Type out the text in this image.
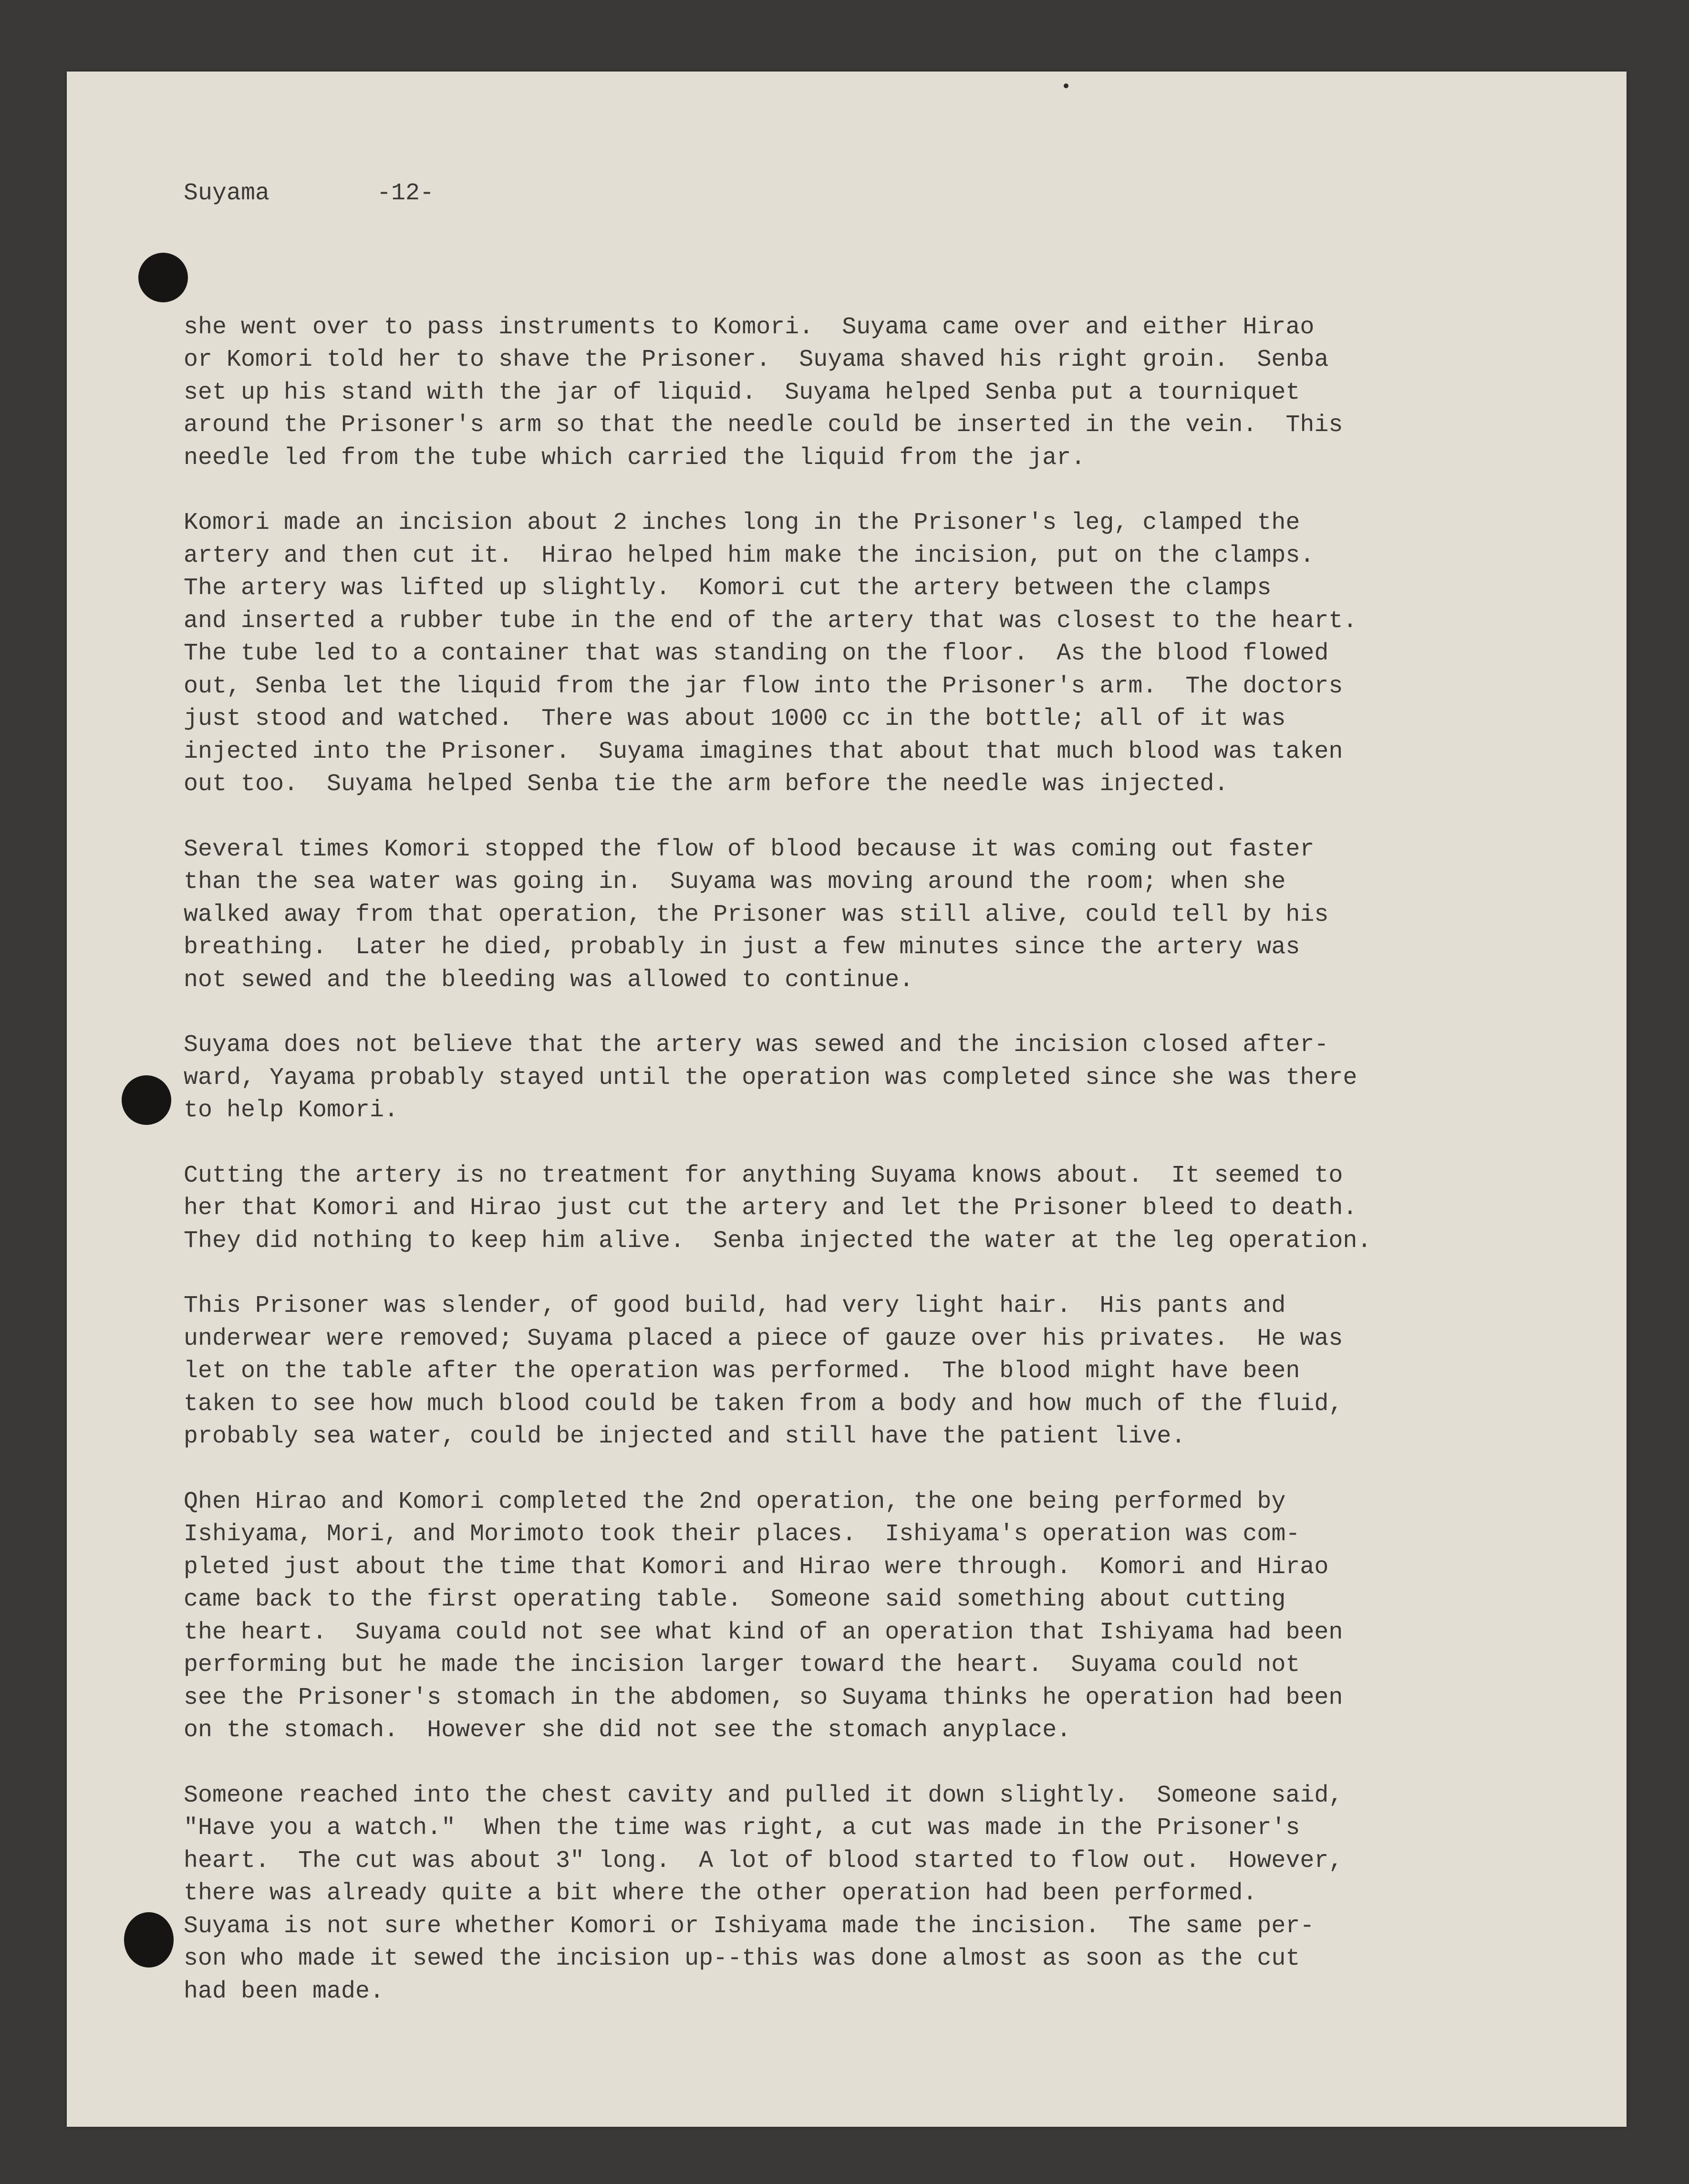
Suyama	-12-

she went over to pass instruments to Komori.  Suyama came over and either Hirao
or Komori told her to shave the Prisoner.  Suyama shaved his right groin.  Senba
set up his stand with the jar of liquid.  Suyama helped Senba put a tourniquet
around the Prisoner's arm so that the needle could be inserted in the vein.  This
needle led from the tube which carried the liquid from the jar.
Komori made an incision about 2 inches long in the Prisoner's leg, clamped the
artery and then cut it.  Hirao helped him make the incision, put on the clamps.
The artery was lifted up slightly.  Komori cut the artery between the clamps
and inserted a rubber tube in the end of the artery that was closest to the heart.
The tube led to a container that was standing on the floor.  As the blood flowed
out, Senba let the liquid from the jar flow into the Prisoner's arm.  The doctors
just stood and watched.  There was about 1000 cc in the bottle; all of it was
injected into the Prisoner.  Suyama imagines that about that much blood was taken
out too.  Suyama helped Senba tie the arm before the needle was injected.
Several times Komori stopped the flow of blood because it was coming out faster
than the sea water was going in.  Suyama was moving around the room; when she
walked away from that operation, the Prisoner was still alive, could tell by his
breathing.  Later he died, probably in just a few minutes since the artery was
not sewed and the bleeding was allowed to continue.
Suyama does not believe that the artery was sewed and the incision closed after-
ward, Yayama probably stayed until the operation was completed since she was there
to help Komori.
Cutting the artery is no treatment for anything Suyama knows about.  It seemed to
her that Komori and Hirao just cut the artery and let the Prisoner bleed to death.
They did nothing to keep him alive.  Senba injected the water at the leg operation.
This Prisoner was slender, of good build, had very light hair.  His pants and
underwear were removed; Suyama placed a piece of gauze over his privates.  He was
let on the table after the operation was performed.  The blood might have been
taken to see how much blood could be taken from a body and how much of the fluid,
probably sea water, could be injected and still have the patient live.
Qhen Hirao and Komori completed the 2nd operation, the one being performed by
Ishiyama, Mori, and Morimoto took their places.  Ishiyama's operation was com-
pleted just about the time that Komori and Hirao were through.  Komori and Hirao
came back to the first operating table.  Someone said something about cutting
the heart.  Suyama could not see what kind of an operation that Ishiyama had been
performing but he made the incision larger toward the heart.  Suyama could not
see the Prisoner's stomach in the abdomen, so Suyama thinks he operation had been
on the stomach.  However she did not see the stomach anyplace.
Someone reached into the chest cavity and pulled it down slightly.  Someone said,
"Have you a watch."  When the time was right, a cut was made in the Prisoner's
heart.  The cut was about 3" long.  A lot of blood started to flow out.  However,
there was already quite a bit where the other operation had been performed.
Suyama is not sure whether Komori or Ishiyama made the incision.  The same per-
son who made it sewed the incision up--this was done almost as soon as the cut
had been made.
